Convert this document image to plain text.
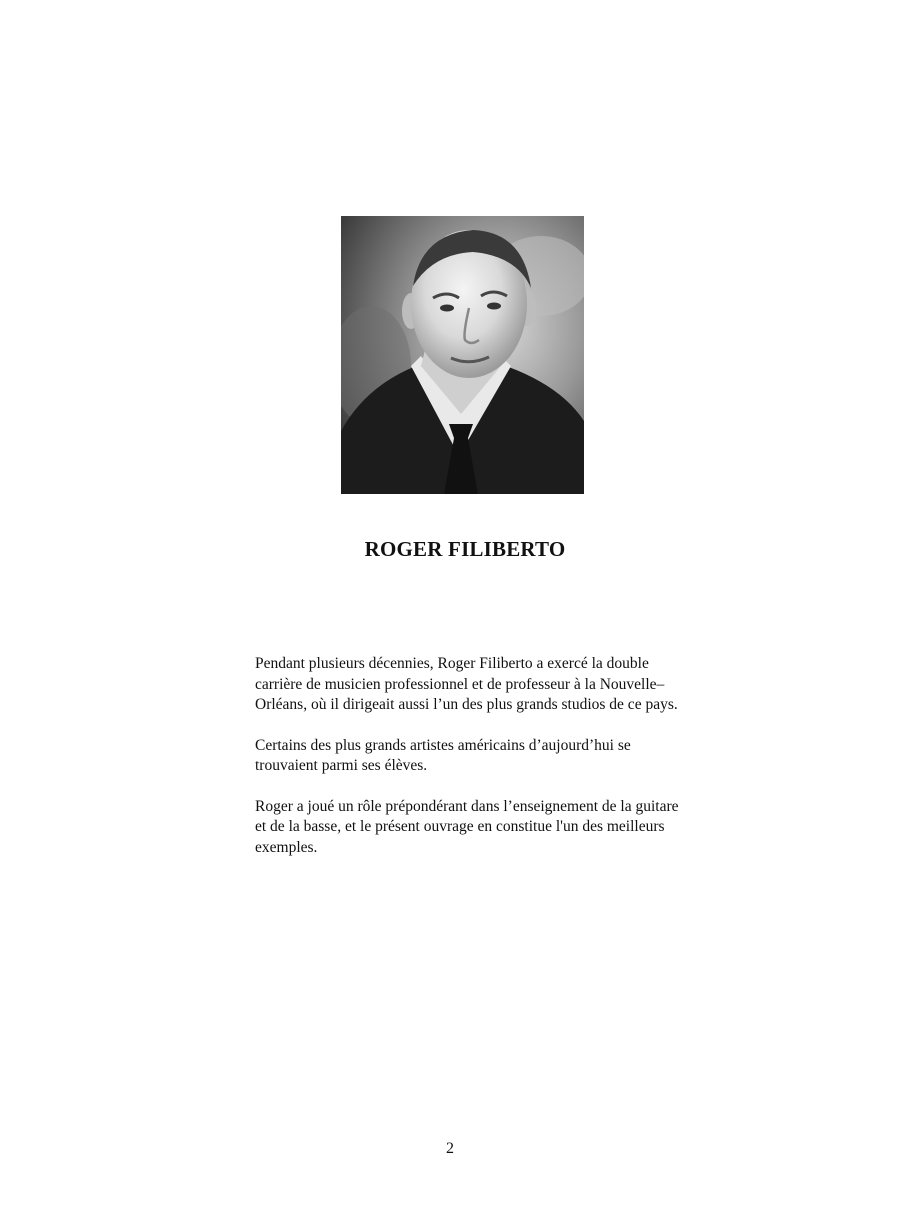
ROGER FILIBERTO

Pendant plusieurs décennies, Roger Filiberto a exercé la double carrière de musicien professionnel et de professeur à la Nouvelle–Orléans, où il dirigeait aussi l’un des plus grands studios de ce pays.

Certains des plus grands artistes américains d’aujourd’hui se trouvaient parmi ses élèves.

Roger a joué un rôle prépondérant dans l’enseignement de la guitare et de la basse, et le présent ouvrage en constitue l'un des meilleurs exemples.

2
